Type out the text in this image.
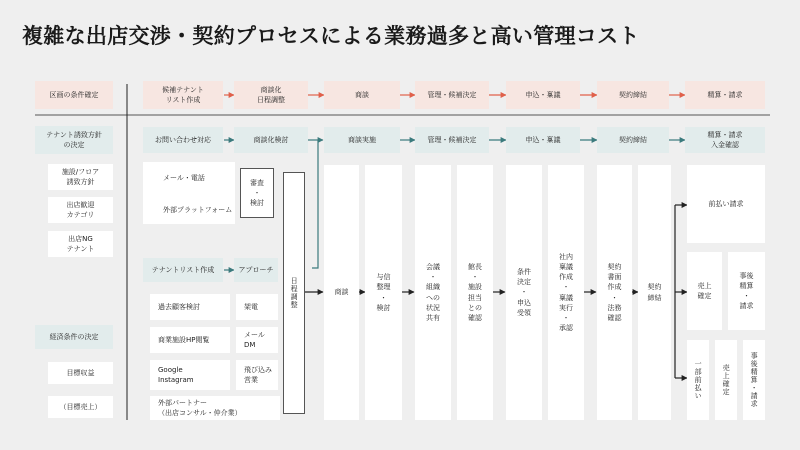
複雑な出店交渉・契約プロセスによる業務過多と高い管理コスト
区画の条件確定
候補テナント
リスト作成
商談化
日程調整
商談	管理・候補決定	申込・稟議	契約締結	精算・請求
テナント誘致方針
の決定
施設/フロア
誘致方針
出店歓迎
カテゴリ
出店NG
テナント
経済条件の決定
目標収益
（目標売上）
お問い合わせ対応	商談化検討	商談実施	管理・候補決定	申込・稟議	契約締結
精算・請求
入金確認
メール・電話
外部プラットフォーム
審査
・
検討
テナントリスト作成	アプローチ
過去顧客検討
商業施設HP閲覧
Google
Instagram
外部パートナー
（出店コンサル・仲介業）
架電
メール
DM
飛び込み
営業
日程調整	商談
与信
整理
・
検討
会議
・
組織
への
状況
共有
館長
・
施設
担当
との
確認
条件
決定
・
申込
受領
社内
稟議
作成
・
稟議
実行
・
承認
契約
書面
作成
・
法務
確認
契約
締結
前払い請求
売上
確定
事後
精算
・
請求
一部前払い	売上確定	事後精算・請求
